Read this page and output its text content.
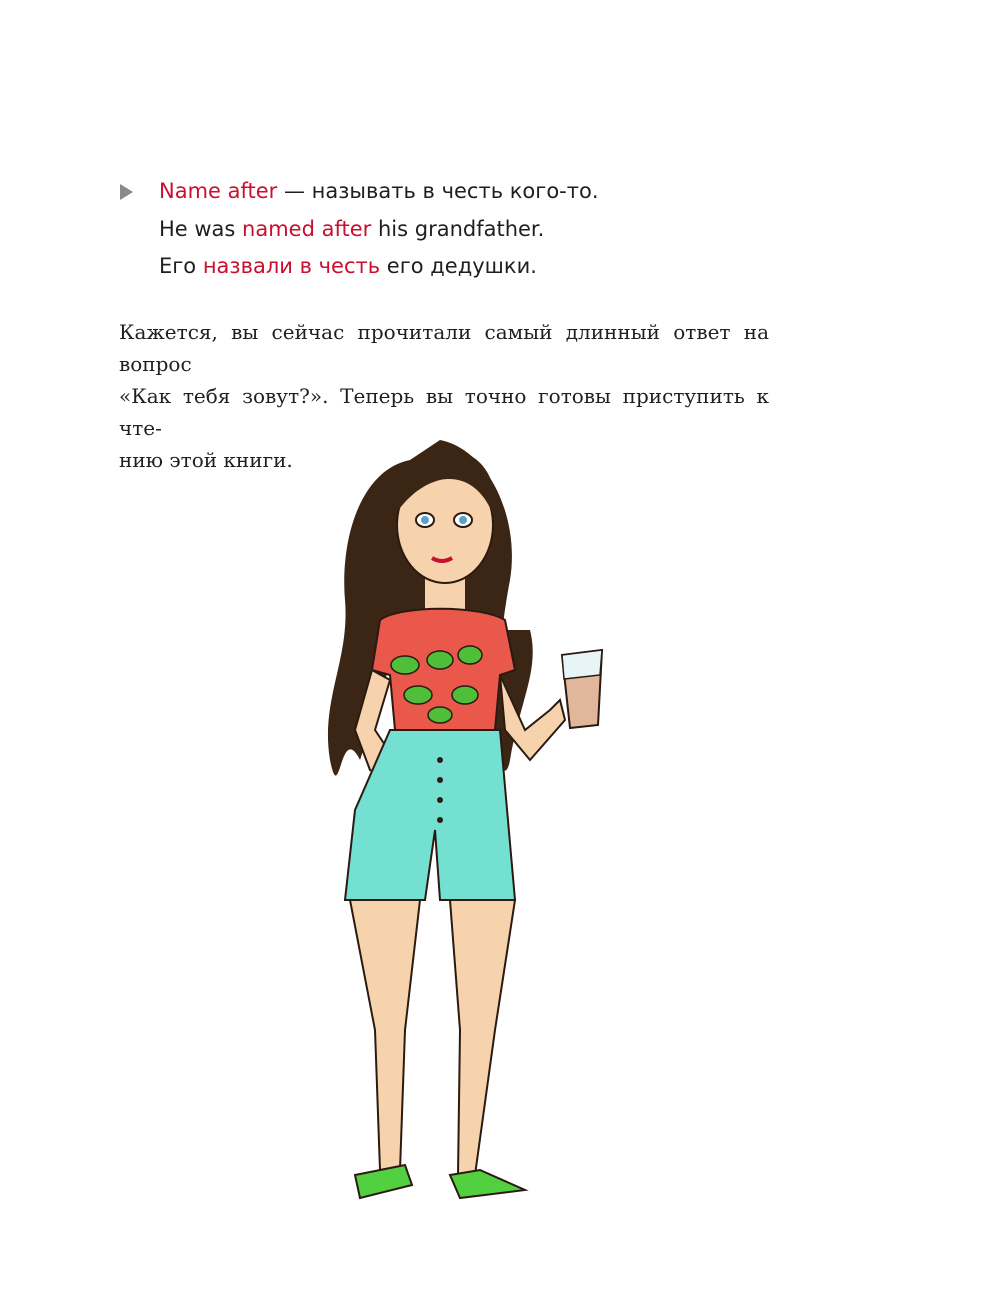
Name after — называть в честь кого-то.
He was named after his grandfather.
Его назвали в честь его дедушки.

Кажется, вы сейчас прочитали самый длинный ответ на вопрос
«Как тебя зовут?». Теперь вы точно готовы приступить к чте-
нию этой книги.
